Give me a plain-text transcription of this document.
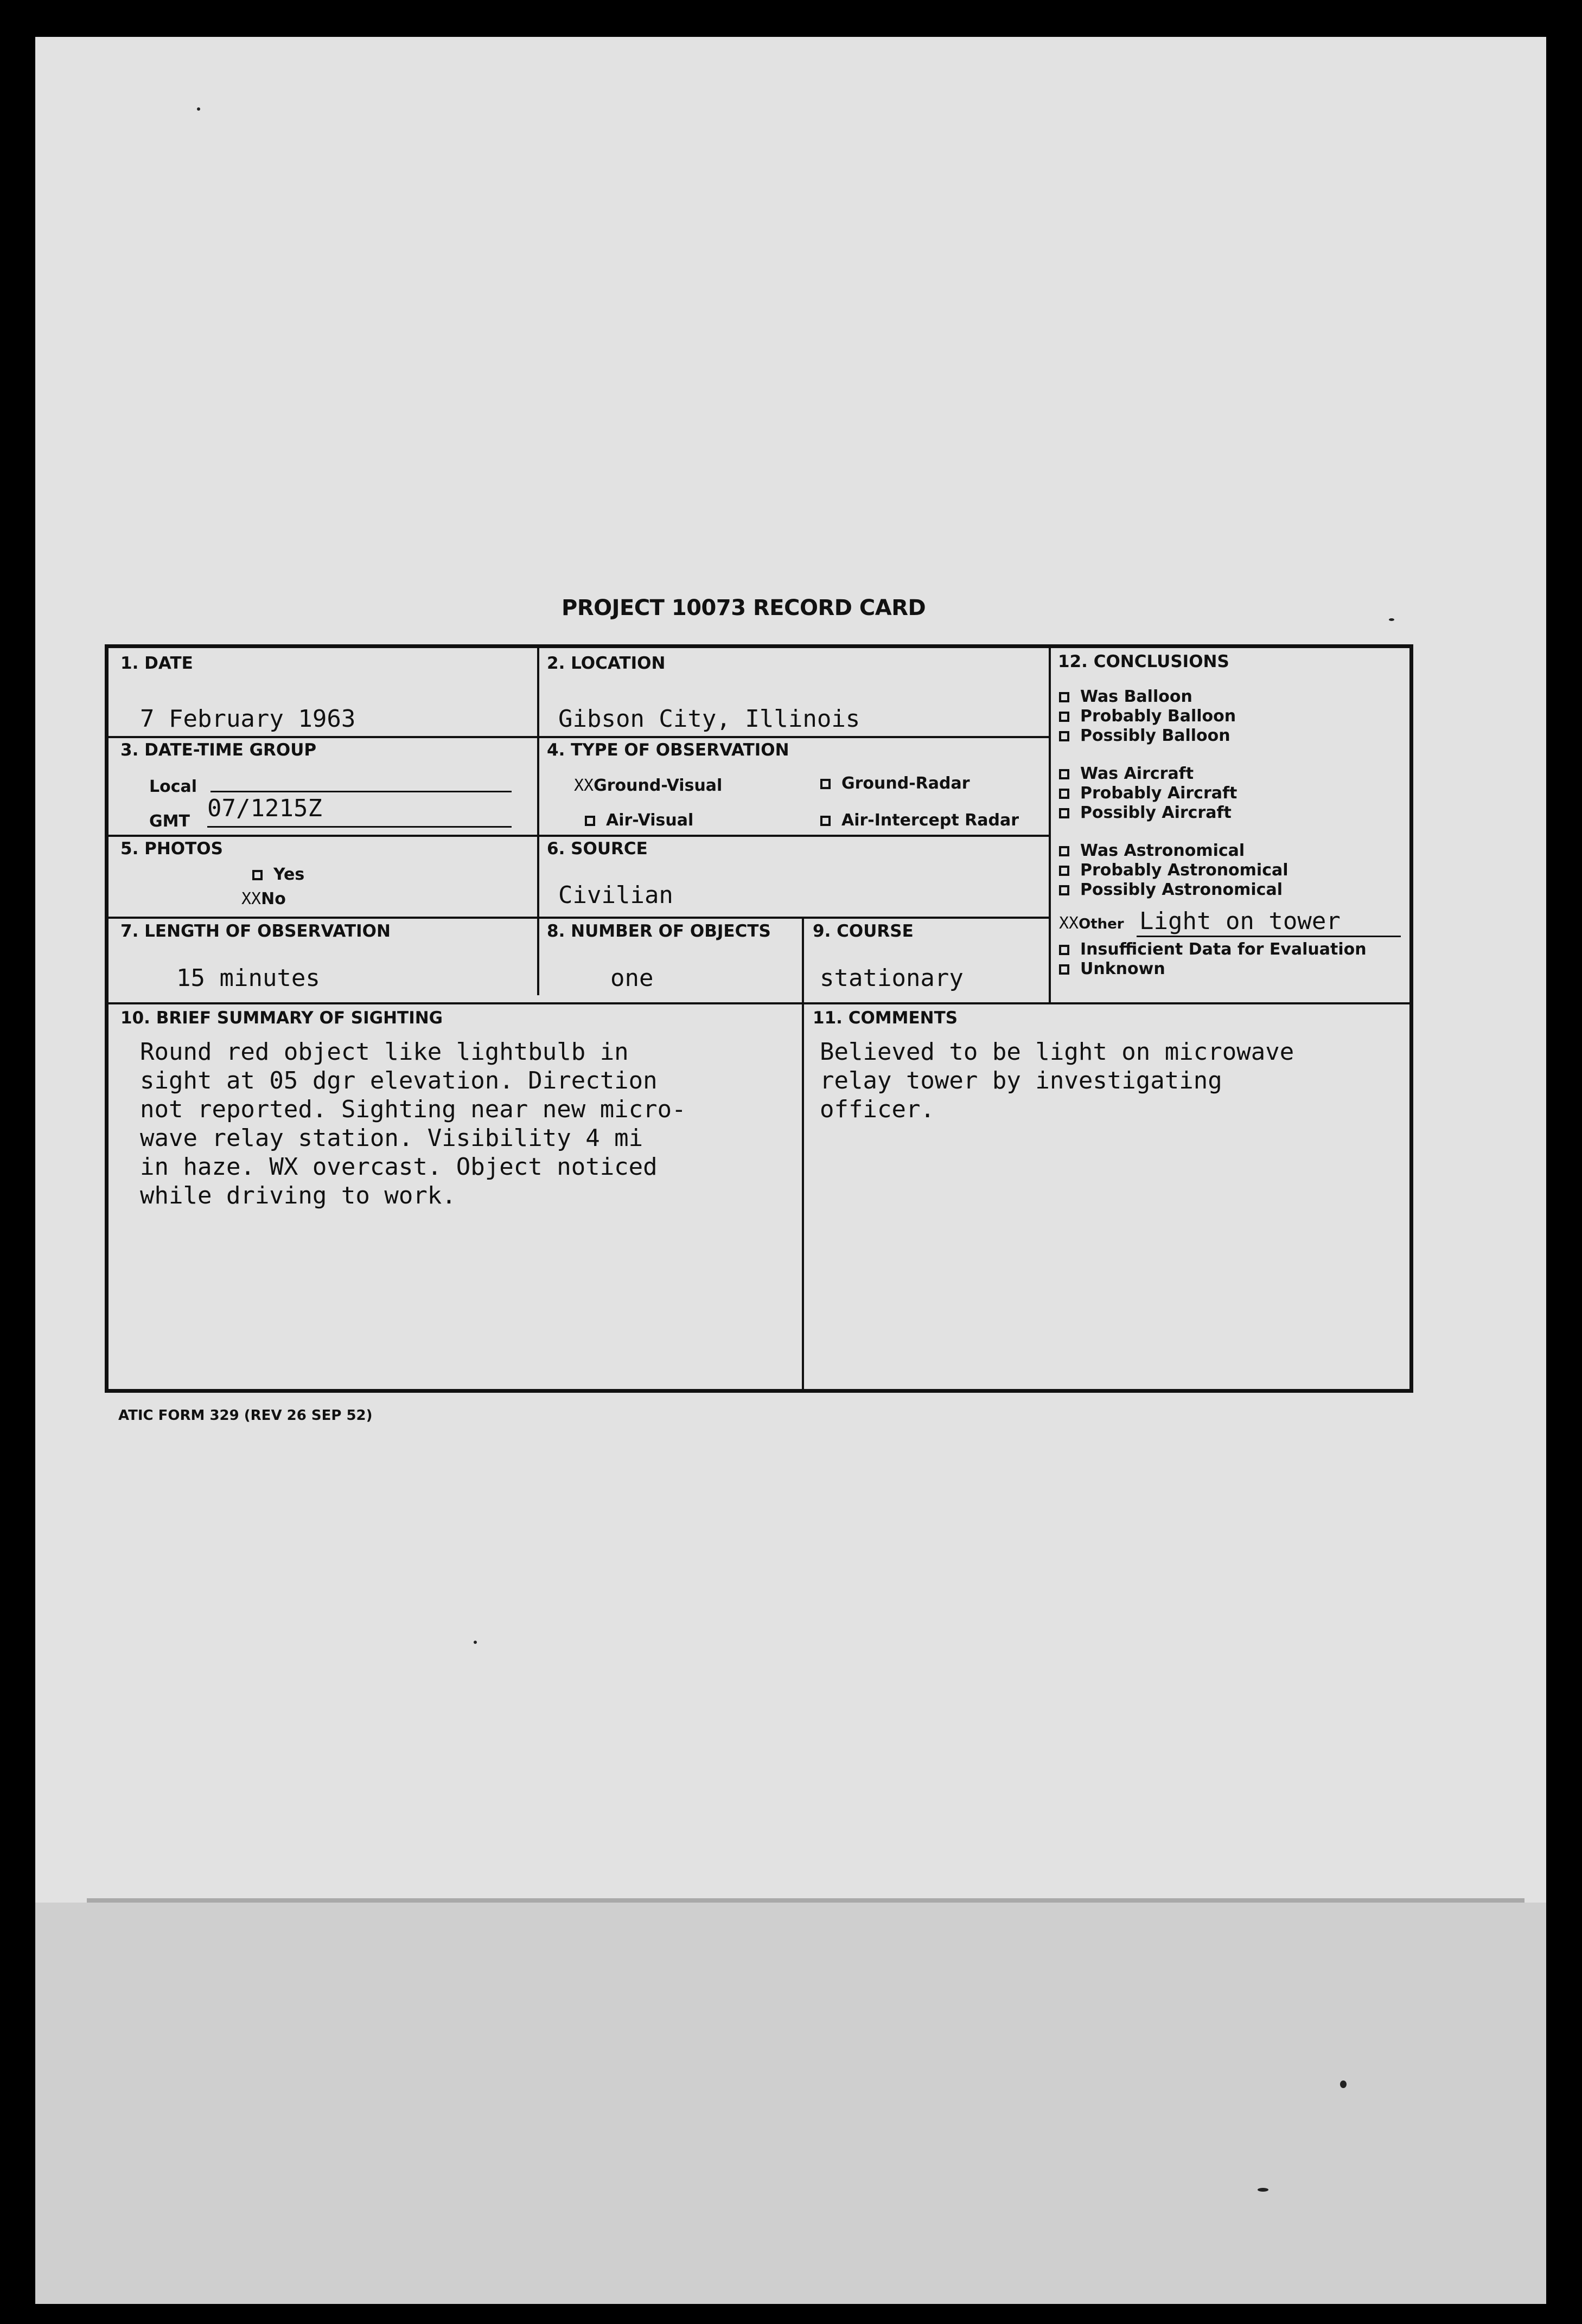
PROJECT 10073 RECORD CARD
1. DATE
7 February 1963
2. LOCATION
Gibson City, Illinois
3. DATE-TIME GROUP
Local
GMT 07/1215Z
4. TYPE OF OBSERVATION
XXGround-Visual	Ground-Radar
Air-Visual	Air-Intercept Radar
5. PHOTOS
Yes
XXNo
6. SOURCE
Civilian
7. LENGTH OF OBSERVATION
15 minutes
8. NUMBER OF OBJECTS
one
9. COURSE
stationary
10. BRIEF SUMMARY OF SIGHTING
Round red object like lightbulb in
sight at 05 dgr elevation. Direction
not reported. Sighting near new micro-
wave relay station. Visibility 4 mi
in haze. WX overcast. Object noticed
while driving to work.
11. COMMENTS
Believed to be light on microwave
relay tower by investigating
officer.
12. CONCLUSIONS
Was Balloon
Probably Balloon
Possibly Balloon
Was Aircraft
Probably Aircraft
Possibly Aircraft
Was Astronomical
Probably Astronomical
Possibly Astronomical
XXOther Light on tower
Insufficient Data for Evaluation
Unknown
ATIC FORM 329 (REV 26 SEP 52)
